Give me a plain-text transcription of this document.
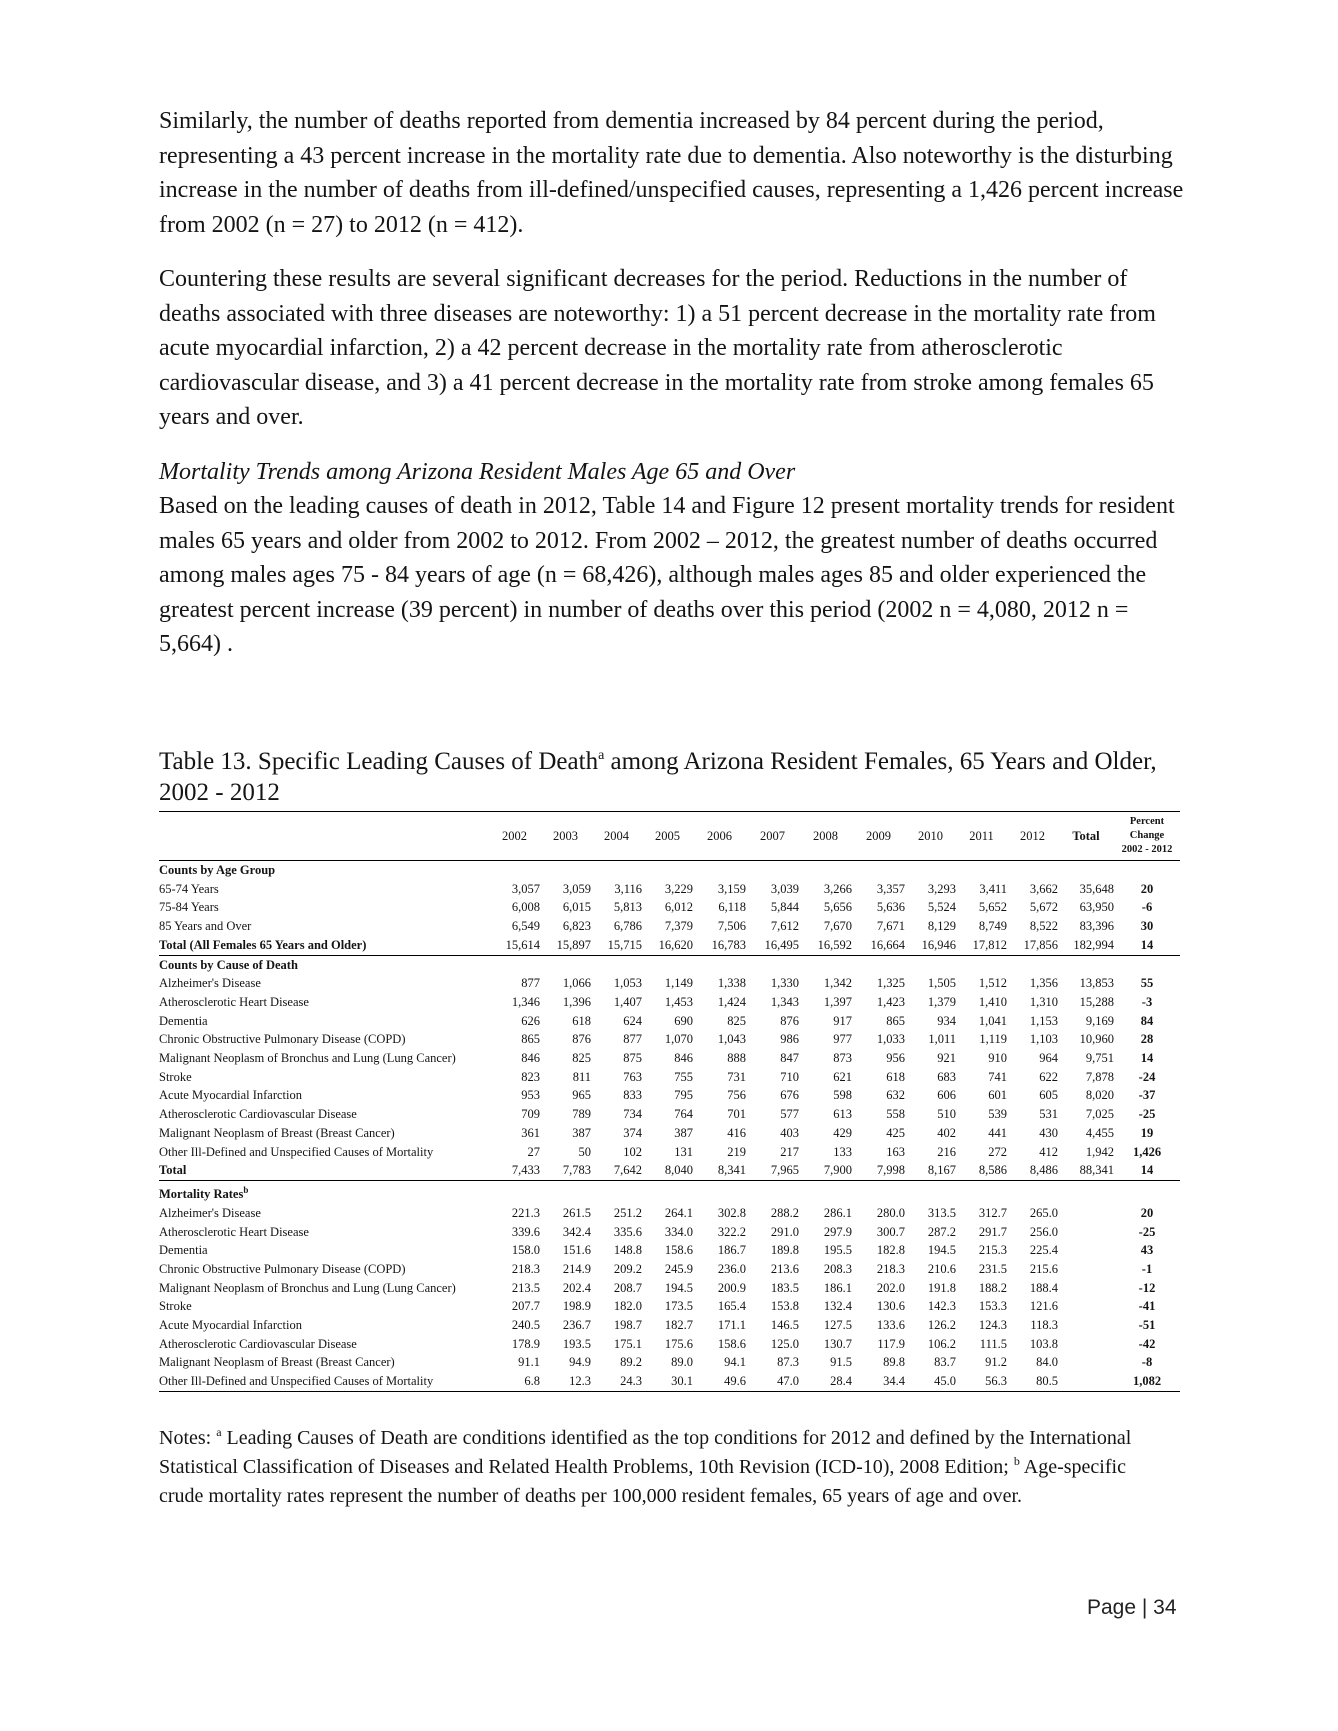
Similarly, the number of deaths reported from dementia increased by 84 percent during the period, representing a 43 percent increase in the mortality rate due to dementia. Also noteworthy is the disturbing increase in the number of deaths from ill-defined/unspecified causes, representing a 1,426 percent increase from 2002 (n = 27) to 2012 (n = 412).

Countering these results are several significant decreases for the period. Reductions in the number of deaths associated with three diseases are noteworthy: 1) a 51 percent decrease in the mortality rate from acute myocardial infarction, 2) a 42 percent decrease in the mortality rate from atherosclerotic cardiovascular disease, and 3) a 41 percent decrease in the mortality rate from stroke among females 65 years and over.

Mortality Trends among Arizona Resident Males Age 65 and Over

Based on the leading causes of death in 2012, Table 14 and Figure 12 present mortality trends for resident males 65 years and older from 2002 to 2012. From 2002 – 2012, the greatest number of deaths occurred among males ages 75 - 84 years of age (n = 68,426), although males ages 85 and older experienced the greatest percent increase (39 percent) in number of deaths over this period (2002 n = 4,080, 2012 n = 5,664) .

Table 13. Specific Leading Causes of Death$^a$ among Arizona Resident Females, 65 Years and Older, 2002 - 2012

	2002	2003	2004	2005	2006	2007	2008	2009	2010	2011	2012	Total	Percent
Change
2002 - 2012
Counts by Age Group													
65-74 Years	3,057	3,059	3,116	3,229	3,159	3,039	3,266	3,357	3,293	3,411	3,662	35,648	20
75-84 Years	6,008	6,015	5,813	6,012	6,118	5,844	5,656	5,636	5,524	5,652	5,672	63,950	-6
85 Years and Over	6,549	6,823	6,786	7,379	7,506	7,612	7,670	7,671	8,129	8,749	8,522	83,396	30
Total (All Females 65 Years and Older)	15,614	15,897	15,715	16,620	16,783	16,495	16,592	16,664	16,946	17,812	17,856	182,994	14
Counts by Cause of Death													
Alzheimer's Disease	877	1,066	1,053	1,149	1,338	1,330	1,342	1,325	1,505	1,512	1,356	13,853	55
Atherosclerotic Heart Disease	1,346	1,396	1,407	1,453	1,424	1,343	1,397	1,423	1,379	1,410	1,310	15,288	-3
Dementia	626	618	624	690	825	876	917	865	934	1,041	1,153	9,169	84
Chronic Obstructive Pulmonary Disease (COPD)	865	876	877	1,070	1,043	986	977	1,033	1,011	1,119	1,103	10,960	28
Malignant Neoplasm of Bronchus and Lung (Lung Cancer)	846	825	875	846	888	847	873	956	921	910	964	9,751	14
Stroke	823	811	763	755	731	710	621	618	683	741	622	7,878	-24
Acute Myocardial Infarction	953	965	833	795	756	676	598	632	606	601	605	8,020	-37
Atherosclerotic Cardiovascular Disease	709	789	734	764	701	577	613	558	510	539	531	7,025	-25
Malignant Neoplasm of Breast (Breast Cancer)	361	387	374	387	416	403	429	425	402	441	430	4,455	19
Other Ill-Defined and Unspecified Causes of Mortality	27	50	102	131	219	217	133	163	216	272	412	1,942	1,426
Total	7,433	7,783	7,642	8,040	8,341	7,965	7,900	7,998	8,167	8,586	8,486	88,341	14
Mortality Rates$^b$
Alzheimer's Disease	221.3	261.5	251.2	264.1	302.8	288.2	286.1	280.0	313.5	312.7	265.0		20
Atherosclerotic Heart Disease	339.6	342.4	335.6	334.0	322.2	291.0	297.9	300.7	287.2	291.7	256.0		-25
Dementia	158.0	151.6	148.8	158.6	186.7	189.8	195.5	182.8	194.5	215.3	225.4		43
Chronic Obstructive Pulmonary Disease (COPD)	218.3	214.9	209.2	245.9	236.0	213.6	208.3	218.3	210.6	231.5	215.6		-1
Malignant Neoplasm of Bronchus and Lung (Lung Cancer)	213.5	202.4	208.7	194.5	200.9	183.5	186.1	202.0	191.8	188.2	188.4		-12
Stroke	207.7	198.9	182.0	173.5	165.4	153.8	132.4	130.6	142.3	153.3	121.6		-41
Acute Myocardial Infarction	240.5	236.7	198.7	182.7	171.1	146.5	127.5	133.6	126.2	124.3	118.3		-51
Atherosclerotic Cardiovascular Disease	178.9	193.5	175.1	175.6	158.6	125.0	130.7	117.9	106.2	111.5	103.8		-42
Malignant Neoplasm of Breast (Breast Cancer)	91.1	94.9	89.2	89.0	94.1	87.3	91.5	89.8	83.7	91.2	84.0		-8
Other Ill-Defined and Unspecified Causes of Mortality	6.8	12.3	24.3	30.1	49.6	47.0	28.4	34.4	45.0	56.3	80.5		1,082

Notes: $^a$ Leading Causes of Death are conditions identified as the top conditions for 2012 and defined by the International Statistical Classification of Diseases and Related Health Problems, 10th Revision (ICD-10), 2008 Edition; $^b$ Age-specific crude mortality rates represent the number of deaths per 100,000 resident females, 65 years of age and over.

Page | 34
